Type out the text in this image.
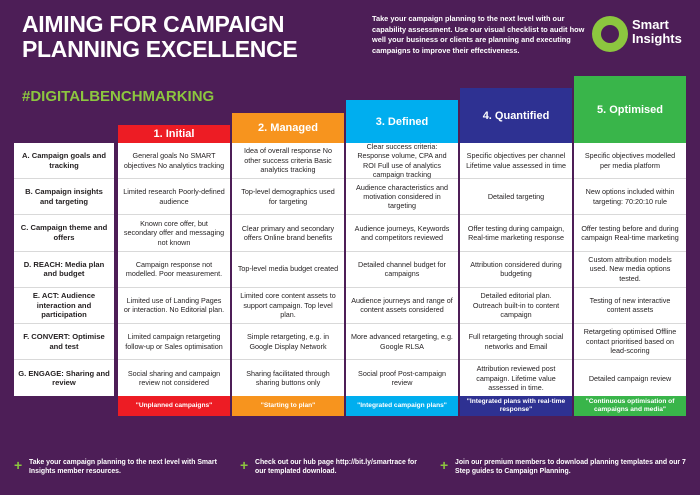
AIMING FOR CAMPAIGN PLANNING EXCELLENCE
Take your campaign planning to the next level with our capability assessment. Use our visual checklist to audit how well your business or clients are planning and executing campaigns to improve their effectiveness.
Smart
Insights
#DIGITALBENCHMARKING
A. Campaign goals and tracking
B. Campaign insights and targeting
C. Campaign theme and offers
D. REACH: Media plan and budget
E. ACT: Audience interaction and participation
F. CONVERT: Optimise and test
G. ENGAGE: Sharing and review
1. Initial
General goals No SMART objectives No analytics tracking
Limited research Poorly-defined audience
Known core offer, but secondary offer and messaging not known
Campaign response not modelled. Poor measurement.
Limited use of Landing Pages or interaction. No Editorial plan.
Limited campaign retargeting follow-up or Sales optimisation
Social sharing and campaign review not considered
"Unplanned campaigns"
2. Managed
Idea of overall response No other success criteria Basic analytics tracking
Top-level demographics used for targeting
Clear primary and secondary offers Online brand benefits
Top-level media budget created
Limited core content assets to support campaign. Top level plan.
Simple retargeting, e.g. in Google Display Network
Sharing facilitated through sharing buttons only
"Starting to plan"
3. Defined
Clear success criteria: Response volume, CPA and ROI Full use of analytics campaign tracking
Audience characteristics and motivation considered in targeting
Audience journeys, Keywords and competitors reviewed
Detailed channel budget for campaigns
Audience journeys and range of content assets considered
More advanced retargeting, e.g. Google RLSA
Social proof Post-campaign review
"Integrated campaign plans"
4. Quantified
Specific objectives per channel Lifetime value assessed in time
Detailed targeting
Offer testing during campaign, Real-time marketing response
Attribution considered during budgeting
Detailed editorial plan. Outreach built-in to content campaign
Full retargeting through social networks and Email
Attribution reviewed post campaign. Lifetime value assessed in time.
"Integrated plans with real-time response"
5. Optimised
Specific objectives modelled per media platform
New options included within targeting: 70:20:10 rule
Offer testing before and during campaign Real-time marketing
Custom attribution models used. New media options tested.
Testing of new interactive content assets
Retargeting optimised Offline contact prioritised based on lead-scoring
Detailed campaign review
"Continuous optimisation of campaigns and media"
+ Take your campaign planning to the next level with Smart Insights member resources.	+ Check out our hub page http://bit.ly/smartrace for our templated download.	+ Join our premium members to download planning templates and our 7 Step guides to Campaign Planning.
